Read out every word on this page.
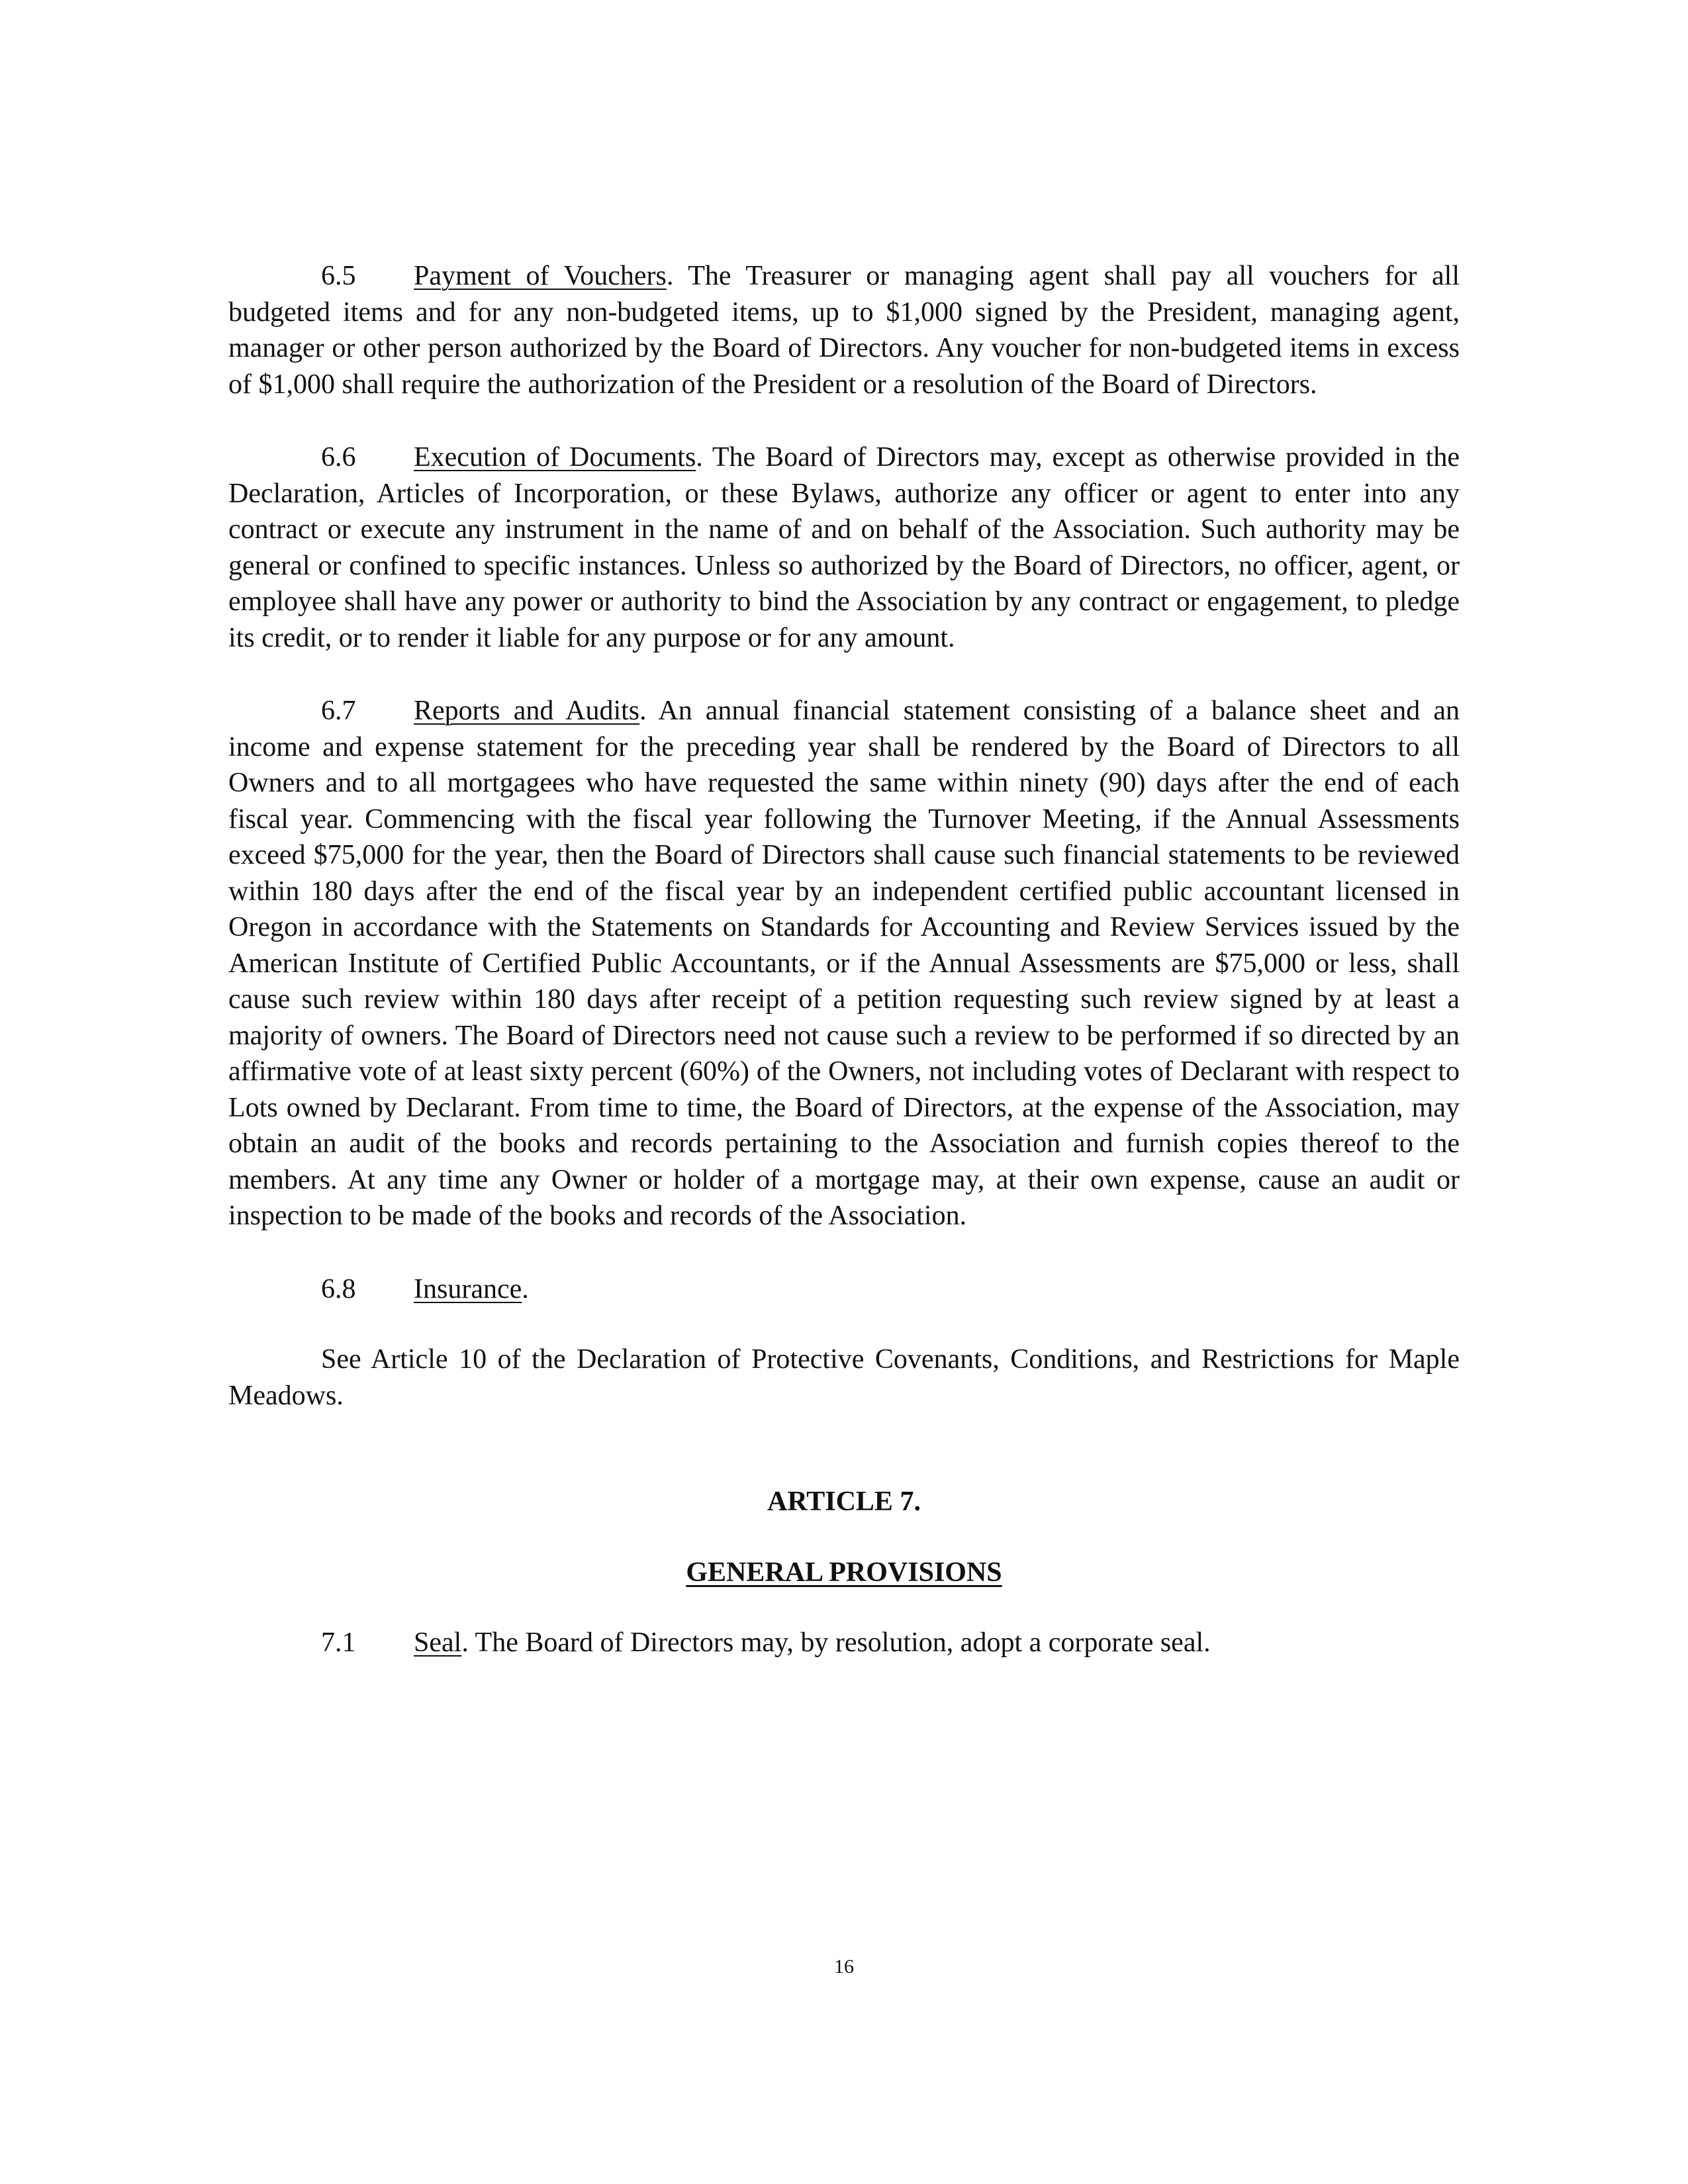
6.5 Payment of Vouchers. The Treasurer or managing agent shall pay all vouchers for all budgeted items and for any non-budgeted items, up to $1,000 signed by the President, managing agent, manager or other person authorized by the Board of Directors. Any voucher for non-budgeted items in excess of $1,000 shall require the authorization of the President or a resolution of the Board of Directors.

6.6 Execution of Documents. The Board of Directors may, except as otherwise provided in the Declaration, Articles of Incorporation, or these Bylaws, authorize any officer or agent to enter into any contract or execute any instrument in the name of and on behalf of the Association. Such authority may be general or confined to specific instances. Unless so authorized by the Board of Directors, no officer, agent, or employee shall have any power or authority to bind the Association by any contract or engagement, to pledge its credit, or to render it liable for any purpose or for any amount.

6.7 Reports and Audits. An annual financial statement consisting of a balance sheet and an income and expense statement for the preceding year shall be rendered by the Board of Directors to all Owners and to all mortgagees who have requested the same within ninety (90) days after the end of each fiscal year. Commencing with the fiscal year following the Turnover Meeting, if the Annual Assessments exceed $75,000 for the year, then the Board of Directors shall cause such financial statements to be reviewed within 180 days after the end of the fiscal year by an independent certified public accountant licensed in Oregon in accordance with the Statements on Standards for Accounting and Review Services issued by the American Institute of Certified Public Accountants, or if the Annual Assessments are $75,000 or less, shall cause such review within 180 days after receipt of a petition requesting such review signed by at least a majority of owners. The Board of Directors need not cause such a review to be performed if so directed by an affirmative vote of at least sixty percent (60%) of the Owners, not including votes of Declarant with respect to Lots owned by Declarant. From time to time, the Board of Directors, at the expense of the Association, may obtain an audit of the books and records pertaining to the Association and furnish copies thereof to the members. At any time any Owner or holder of a mortgage may, at their own expense, cause an audit or inspection to be made of the books and records of the Association.

6.8 Insurance.

See Article 10 of the Declaration of Protective Covenants, Conditions, and Restrictions for Maple Meadows.

ARTICLE 7.

GENERAL PROVISIONS

7.1 Seal. The Board of Directors may, by resolution, adopt a corporate seal.

16
